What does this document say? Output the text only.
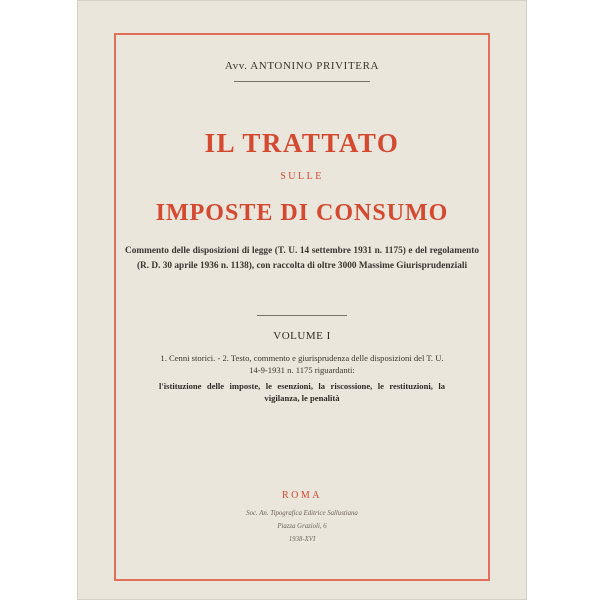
Avv. ANTONINO PRIVITERA
IL TRATTATO
SULLE
IMPOSTE DI CONSUMO
Commento delle disposizioni di legge (T. U. 14 settembre 1931 n. 1175) e del regolamento (R. D. 30 aprile 1936 n. 1138), con raccolta di oltre 3000 Massime Giurisprudenziali
VOLUME I
1. Cenni storici. - 2. Testo, commento e giurisprudenza delle disposizioni del T. U. 14-9-1931 n. 1175 riguardanti:
l'istituzione delle imposte, le esenzioni, la riscossione, le restituzioni, la vigilanza, le penalità
ROMA
Soc. An. Tipografica Editrice Sallustiana
Piazza Grazioli, 6
1938-XVI
